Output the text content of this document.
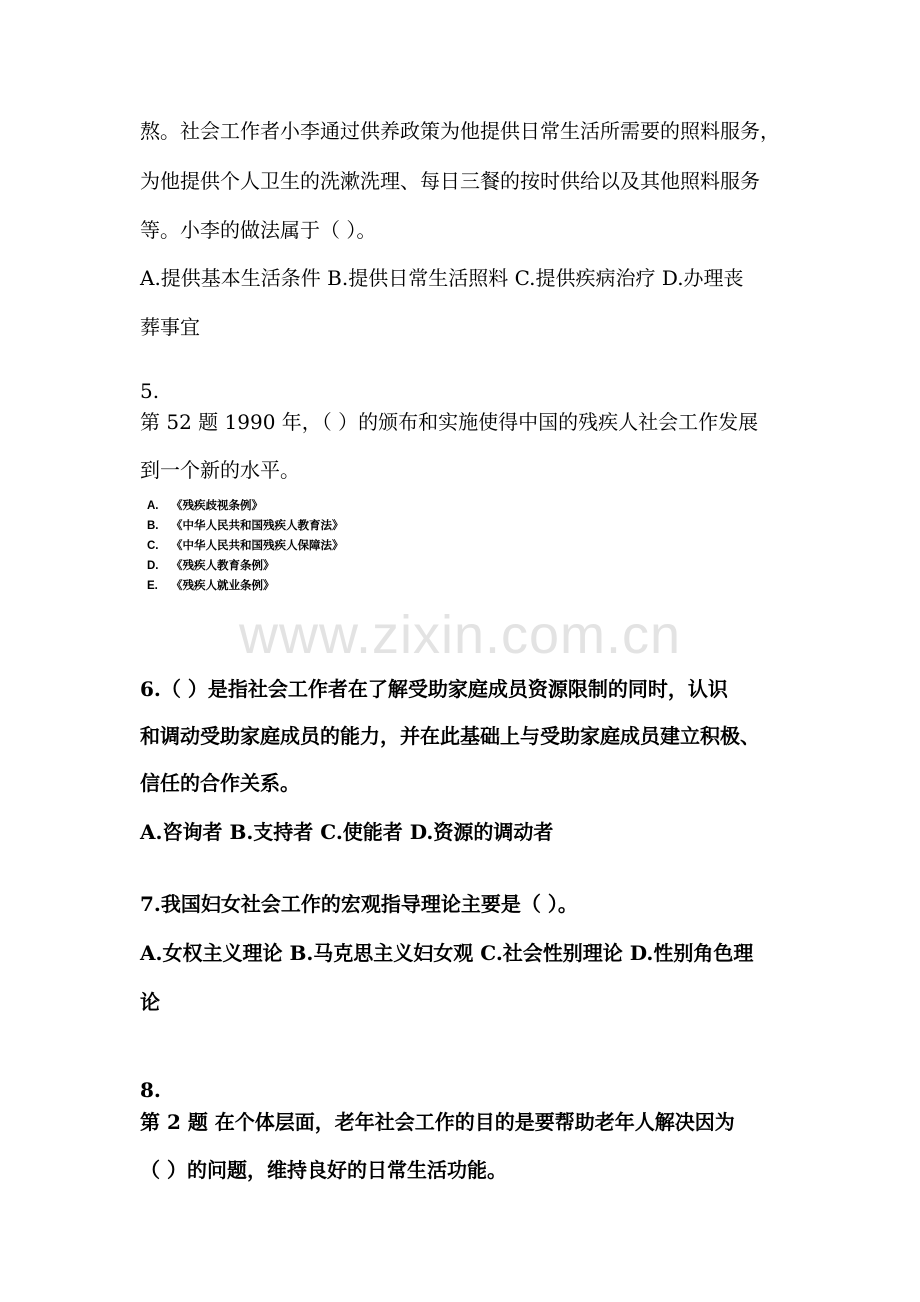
熬。社会工作者小李通过供养政策为他提供日常生活所需要的照料服务，
为他提供个人卫生的洗漱洗理、每日三餐的按时供给以及其他照料服务
等。小李的做法属于（ ）。
A.提供基本生活条件 B.提供日常生活照料 C.提供疾病治疗 D.办理丧
葬事宜
5.
第 52 题 1990 年，（ ）的颁布和实施使得中国的残疾人社会工作发展
到一个新的水平。
A. 《残疾歧视条例》
B. 《中华人民共和国残疾人教育法》
C. 《中华人民共和国残疾人保障法》
D. 《残疾人教育条例》
E. 《残疾人就业条例》
www.zixin.com.cn
6.（ ）是指社会工作者在了解受助家庭成员资源限制的同时，认识
和调动受助家庭成员的能力，并在此基础上与受助家庭成员建立积极、
信任的合作关系。
A.咨询者 B.支持者 C.使能者 D.资源的调动者
7.我国妇女社会工作的宏观指导理论主要是（ ）。
A.女权主义理论 B.马克思主义妇女观 C.社会性别理论 D.性别角色理
论
8.
第 2 题 在个体层面，老年社会工作的目的是要帮助老年人解决因为
（ ）的问题，维持良好的日常生活功能。
